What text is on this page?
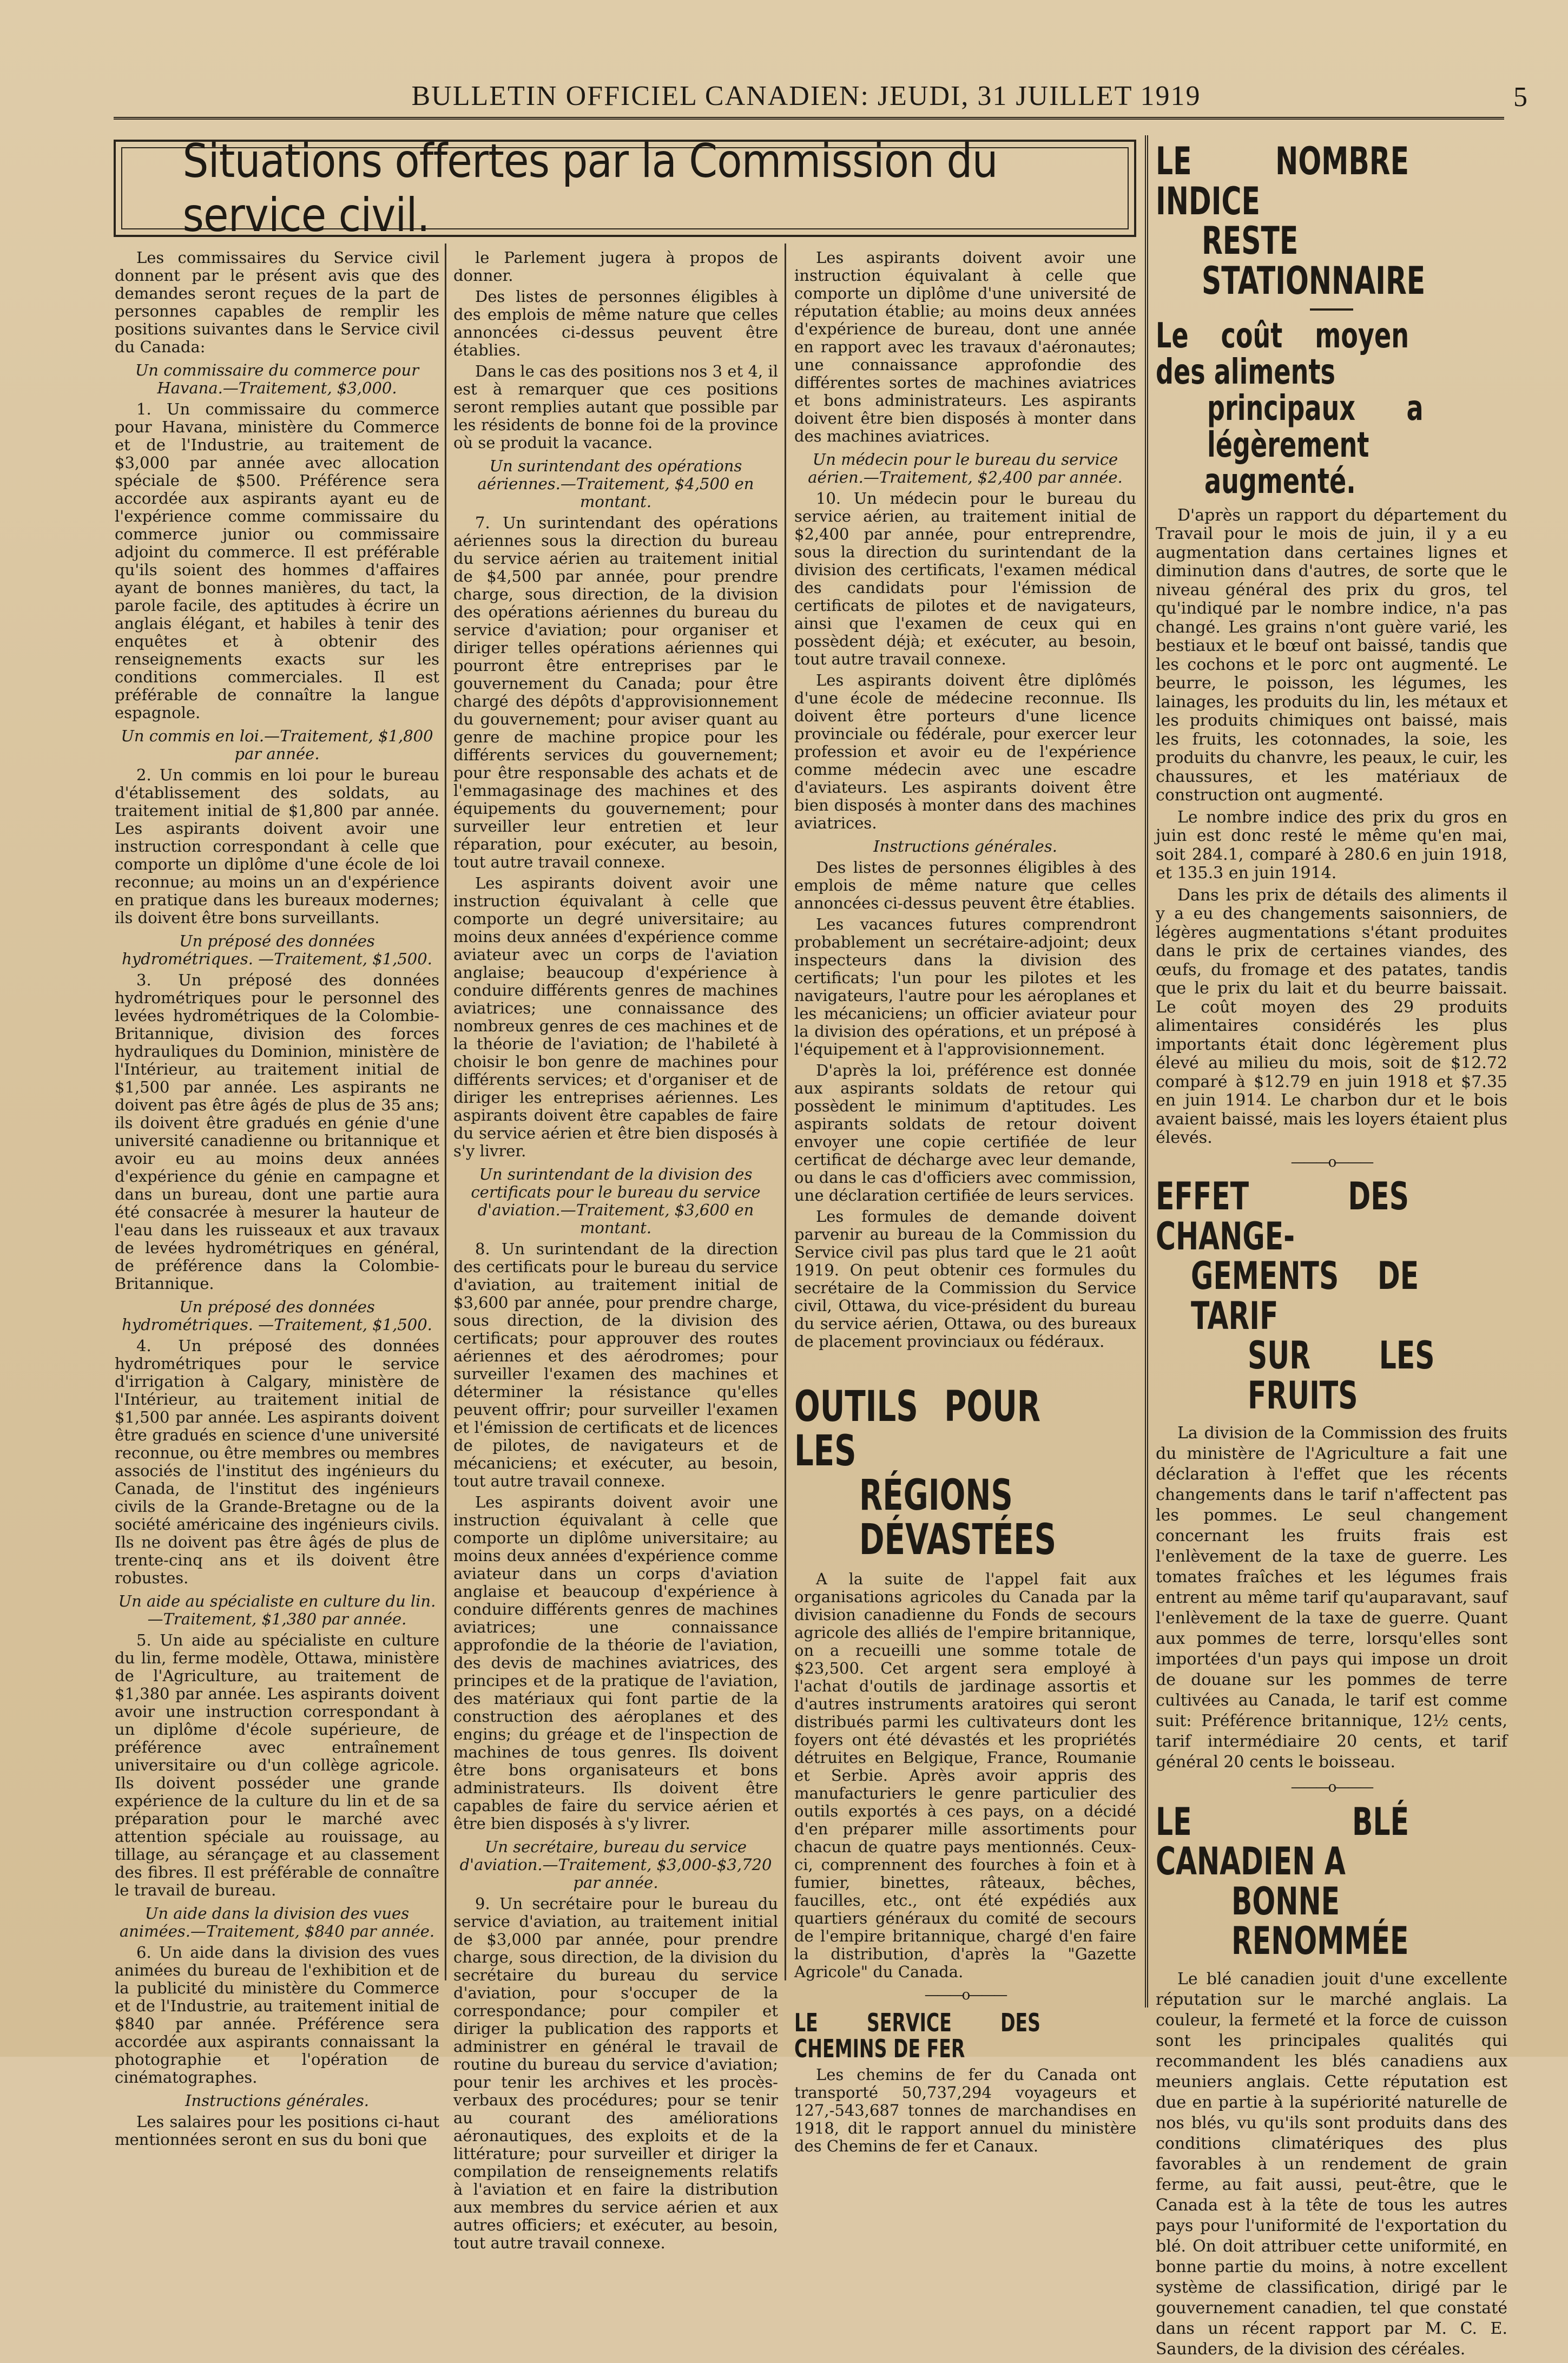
BULLETIN OFFICIEL CANADIEN: JEUDI, 31 JUILLET 1919	5
Situations offertes par la Commission du service civil.

Les commissaires du Service civil donnent par le présent avis que des demandes seront reçues de la part de personnes capables de remplir les positions suivantes dans le Service civil du Canada:

Un commissaire du commerce pour Havana.—Traitement, $3,000.

1. Un commissaire du commerce pour Havana, ministère du Commerce et de l'Industrie, au traitement de $3,000 par année avec allocation spéciale de $500. Préférence sera accordée aux aspirants ayant eu de l'expérience comme commissaire du commerce junior ou commissaire adjoint du commerce. Il est préférable qu'ils soient des hommes d'affaires ayant de bonnes manières, du tact, la parole facile, des aptitudes à écrire un anglais élégant, et habiles à tenir des enquêtes et à obtenir des renseignements exacts sur les conditions commerciales. Il est préférable de connaître la langue espagnole.

Un commis en loi.—Traitement, $1,800 par année.

2. Un commis en loi pour le bureau d'établissement des soldats, au traitement initial de $1,800 par année. Les aspirants doivent avoir une instruction correspondant à celle que comporte un diplôme d'une école de loi reconnue; au moins un an d'expérience en pratique dans les bureaux modernes; ils doivent être bons surveillants.

Un préposé des données hydrométriques. —Traitement, $1,500.

3. Un préposé des données hydrométriques pour le personnel des levées hydrométriques de la Colombie-Britannique, division des forces hydrauliques du Dominion, ministère de l'Intérieur, au traitement initial de $1,500 par année. Les aspirants ne doivent pas être âgés de plus de 35 ans; ils doivent être gradués en génie d'une université canadienne ou britannique et avoir eu au moins deux années d'expérience du génie en campagne et dans un bureau, dont une partie aura été consacrée à mesurer la hauteur de l'eau dans les ruisseaux et aux travaux de levées hydrométriques en général, de préférence dans la Colombie-Britannique.

Un préposé des données hydrométriques. —Traitement, $1,500.

4. Un préposé des données hydrométriques pour le service d'irrigation à Calgary, ministère de l'Intérieur, au traitement initial de $1,500 par année. Les aspirants doivent être gradués en science d'une université reconnue, ou être membres ou membres associés de l'institut des ingénieurs du Canada, de l'institut des ingénieurs civils de la Grande-Bretagne ou de la société américaine des ingénieurs civils. Ils ne doivent pas être âgés de plus de trente-cinq ans et ils doivent être robustes.

Un aide au spécialiste en culture du lin. —Traitement, $1,380 par année.

5. Un aide au spécialiste en culture du lin, ferme modèle, Ottawa, ministère de l'Agriculture, au traitement de $1,380 par année. Les aspirants doivent avoir une instruction correspondant à un diplôme d'école supérieure, de préférence avec entraînement universitaire ou d'un collège agricole. Ils doivent posséder une grande expérience de la culture du lin et de sa préparation pour le marché avec attention spéciale au rouissage, au tillage, au sérançage et au classement des fibres. Il est préférable de connaître le travail de bureau.

Un aide dans la division des vues animées.—Traitement, $840 par année.

6. Un aide dans la division des vues animées du bureau de l'exhibition et de la publicité du ministère du Commerce et de l'Industrie, au traitement initial de $840 par année. Préférence sera accordée aux aspirants connaissant la photographie et l'opération de cinématographes.

Instructions générales.

Les salaires pour les positions ci-haut mentionnées seront en sus du boni que

le Parlement jugera à propos de donner.

Des listes de personnes éligibles à des emplois de même nature que celles annoncées ci-dessus peuvent être établies.

Dans le cas des positions nos 3 et 4, il est à remarquer que ces positions seront remplies autant que possible par les résidents de bonne foi de la province où se produit la vacance.

Un surintendant des opérations aériennes.—Traitement, $4,500 en montant.

7. Un surintendant des opérations aériennes sous la direction du bureau du service aérien au traitement initial de $4,500 par année, pour prendre charge, sous direction, de la division des opérations aériennes du bureau du service d'aviation; pour organiser et diriger telles opérations aériennes qui pourront être entreprises par le gouvernement du Canada; pour être chargé des dépôts d'approvisionnement du gouvernement; pour aviser quant au genre de machine propice pour les différents services du gouvernement; pour être responsable des achats et de l'emmagasinage des machines et des équipements du gouvernement; pour surveiller leur entretien et leur réparation, pour exécuter, au besoin, tout autre travail connexe.

Les aspirants doivent avoir une instruction équivalant à celle que comporte un degré universitaire; au moins deux années d'expérience comme aviateur avec un corps de l'aviation anglaise; beaucoup d'expérience à conduire différents genres de machines aviatrices; une connaissance des nombreux genres de ces machines et de la théorie de l'aviation; de l'habileté à choisir le bon genre de machines pour différents services; et d'organiser et de diriger les entreprises aériennes. Les aspirants doivent être capables de faire du service aérien et être bien disposés à s'y livrer.

Un surintendant de la division des certificats pour le bureau du service d'aviation.—Traitement, $3,600 en montant.

8. Un surintendant de la direction des certificats pour le bureau du service d'aviation, au traitement initial de $3,600 par année, pour prendre charge, sous direction, de la division des certificats; pour approuver des routes aériennes et des aérodromes; pour surveiller l'examen des machines et déterminer la résistance qu'elles peuvent offrir; pour surveiller l'examen et l'émission de certificats et de licences de pilotes, de navigateurs et de mécaniciens; et exécuter, au besoin, tout autre travail connexe.

Les aspirants doivent avoir une instruction équivalant à celle que comporte un diplôme universitaire; au moins deux années d'expérience comme aviateur dans un corps d'aviation anglaise et beaucoup d'expérience à conduire différents genres de machines aviatrices; une connaissance approfondie de la théorie de l'aviation, des devis de machines aviatrices, des principes et de la pratique de l'aviation, des matériaux qui font partie de la construction des aéroplanes et des engins; du gréage et de l'inspection de machines de tous genres. Ils doivent être bons organisateurs et bons administrateurs. Ils doivent être capables de faire du service aérien et être bien disposés à s'y livrer.

Un secrétaire, bureau du service d'aviation.—Traitement, $3,000-$3,720 par année.

9. Un secrétaire pour le bureau du service d'aviation, au traitement initial de $3,000 par année, pour prendre charge, sous direction, de la division du secrétaire du bureau du service d'aviation, pour s'occuper de la correspondance; pour compiler et diriger la publication des rapports et administrer en général le travail de routine du bureau du service d'aviation; pour tenir les archives et les procès-verbaux des procédures; pour se tenir au courant des améliorations aéronautiques, des exploits et de la littérature; pour surveiller et diriger la compilation de renseignements relatifs à l'aviation et en faire la distribution aux membres du service aérien et aux autres officiers; et exécuter, au besoin, tout autre travail connexe.

Les aspirants doivent avoir une instruction équivalant à celle que comporte un diplôme d'une université de réputation établie; au moins deux années d'expérience de bureau, dont une année en rapport avec les travaux d'aéronautes; une connaissance approfondie des différentes sortes de machines aviatrices et bons administrateurs. Les aspirants doivent être bien disposés à monter dans des machines aviatrices.

Un médecin pour le bureau du service aérien.—Traitement, $2,400 par année.

10. Un médecin pour le bureau du service aérien, au traitement initial de $2,400 par année, pour entreprendre, sous la direction du surintendant de la division des certificats, l'examen médical des candidats pour l'émission de certificats de pilotes et de navigateurs, ainsi que l'examen de ceux qui en possèdent déjà; et exécuter, au besoin, tout autre travail connexe.

Les aspirants doivent être diplômés d'une école de médecine reconnue. Ils doivent être porteurs d'une licence provinciale ou fédérale, pour exercer leur profession et avoir eu de l'expérience comme médecin avec une escadre d'aviateurs. Les aspirants doivent être bien disposés à monter dans des machines aviatrices.

Instructions générales.

Des listes de personnes éligibles à des emplois de même nature que celles annoncées ci-dessus peuvent être établies.

Les vacances futures comprendront probablement un secrétaire-adjoint; deux inspecteurs dans la division des certificats; l'un pour les pilotes et les navigateurs, l'autre pour les aéroplanes et les mécaniciens; un officier aviateur pour la division des opérations, et un préposé à l'équipement et à l'approvisionnement.

D'après la loi, préférence est donnée aux aspirants soldats de retour qui possèdent le minimum d'aptitudes. Les aspirants soldats de retour doivent envoyer une copie certifiée de leur certificat de décharge avec leur demande, ou dans le cas d'officiers avec commission, une déclaration certifiée de leurs services.

Les formules de demande doivent parvenir au bureau de la Commission du Service civil pas plus tard que le 21 août 1919. On peut obtenir ces formules du secrétaire de la Commission du Service civil, Ottawa, du vice-président du bureau du service aérien, Ottawa, ou des bureaux de placement provinciaux ou fédéraux.

OUTILS POUR LES
RÉGIONS DÉVASTÉES

A la suite de l'appel fait aux organisations agricoles du Canada par la division canadienne du Fonds de secours agricole des alliés de l'empire britannique, on a recueilli une somme totale de $23,500. Cet argent sera employé à l'achat d'outils de jardinage assortis et d'autres instruments aratoires qui seront distribués parmi les cultivateurs dont les foyers ont été dévastés et les propriétés détruites en Belgique, France, Roumanie et Serbie. Après avoir appris des manufacturiers le genre particulier des outils exportés à ces pays, on a décidé d'en préparer mille assortiments pour chacun de quatre pays mentionnés. Ceux-ci, comprennent des fourches à foin et à fumier, binettes, râteaux, bêches, faucilles, etc., ont été expédiés aux quartiers généraux du comité de secours de l'empire britannique, chargé d'en faire la distribution, d'après la "Gazette Agricole" du Canada.

———o———
LE SERVICE DES CHEMINS DE FER

Les chemins de fer du Canada ont transporté 50,737,294 voyageurs et 127,-543,687 tonnes de marchandises en 1918, dit le rapport annuel du ministère des Chemins de fer et Canaux.

LE NOMBRE INDICE
RESTE STATIONNAIRE
Le coût moyen des aliments
principaux a légèrement
augmenté.

D'après un rapport du département du Travail pour le mois de juin, il y a eu augmentation dans certaines lignes et diminution dans d'autres, de sorte que le niveau général des prix du gros, tel qu'indiqué par le nombre indice, n'a pas changé. Les grains n'ont guère varié, les bestiaux et le bœuf ont baissé, tandis que les cochons et le porc ont augmenté. Le beurre, le poisson, les légumes, les lainages, les produits du lin, les métaux et les produits chimiques ont baissé, mais les fruits, les cotonnades, la soie, les produits du chanvre, les peaux, le cuir, les chaussures, et les matériaux de construction ont augmenté.

Le nombre indice des prix du gros en juin est donc resté le même qu'en mai, soit 284.1, comparé à 280.6 en juin 1918, et 135.3 en juin 1914.

Dans les prix de détails des aliments il y a eu des changements saisonniers, de légères augmentations s'étant produites dans le prix de certaines viandes, des œufs, du fromage et des patates, tandis que le prix du lait et du beurre baissait. Le coût moyen des 29 produits alimentaires considérés les plus importants était donc légèrement plus élevé au milieu du mois, soit de $12.72 comparé à $12.79 en juin 1918 et $7.35 en juin 1914. Le charbon dur et le bois avaient baissé, mais les loyers étaient plus élevés.

———o———
EFFET DES CHANGE-
GEMENTS DE TARIF
SUR LES FRUITS

La division de la Commission des fruits du ministère de l'Agriculture a fait une déclaration à l'effet que les récents changements dans le tarif n'affectent pas les pommes. Le seul changement concernant les fruits frais est l'enlèvement de la taxe de guerre. Les tomates fraîches et les légumes frais entrent au même tarif qu'auparavant, sauf l'enlèvement de la taxe de guerre. Quant aux pommes de terre, lorsqu'elles sont importées d'un pays qui impose un droit de douane sur les pommes de terre cultivées au Canada, le tarif est comme suit: Préférence britannique, 12½ cents, tarif intermédiaire 20 cents, et tarif général 20 cents le boisseau.

———o———
LE BLÉ CANADIEN A
BONNE RENOMMÉE

Le blé canadien jouit d'une excellente réputation sur le marché anglais. La couleur, la fermeté et la force de cuisson sont les principales qualités qui recommandent les blés canadiens aux meuniers anglais. Cette réputation est due en partie à la supériorité naturelle de nos blés, vu qu'ils sont produits dans des conditions climatériques des plus favorables à un rendement de grain ferme, au fait aussi, peut-être, que le Canada est à la tête de tous les autres pays pour l'uniformité de l'exportation du blé. On doit attribuer cette uniformité, en bonne partie du moins, à notre excellent système de classification, dirigé par le gouvernement canadien, tel que constaté dans un récent rapport par M. C. E. Saunders, de la division des céréales.
